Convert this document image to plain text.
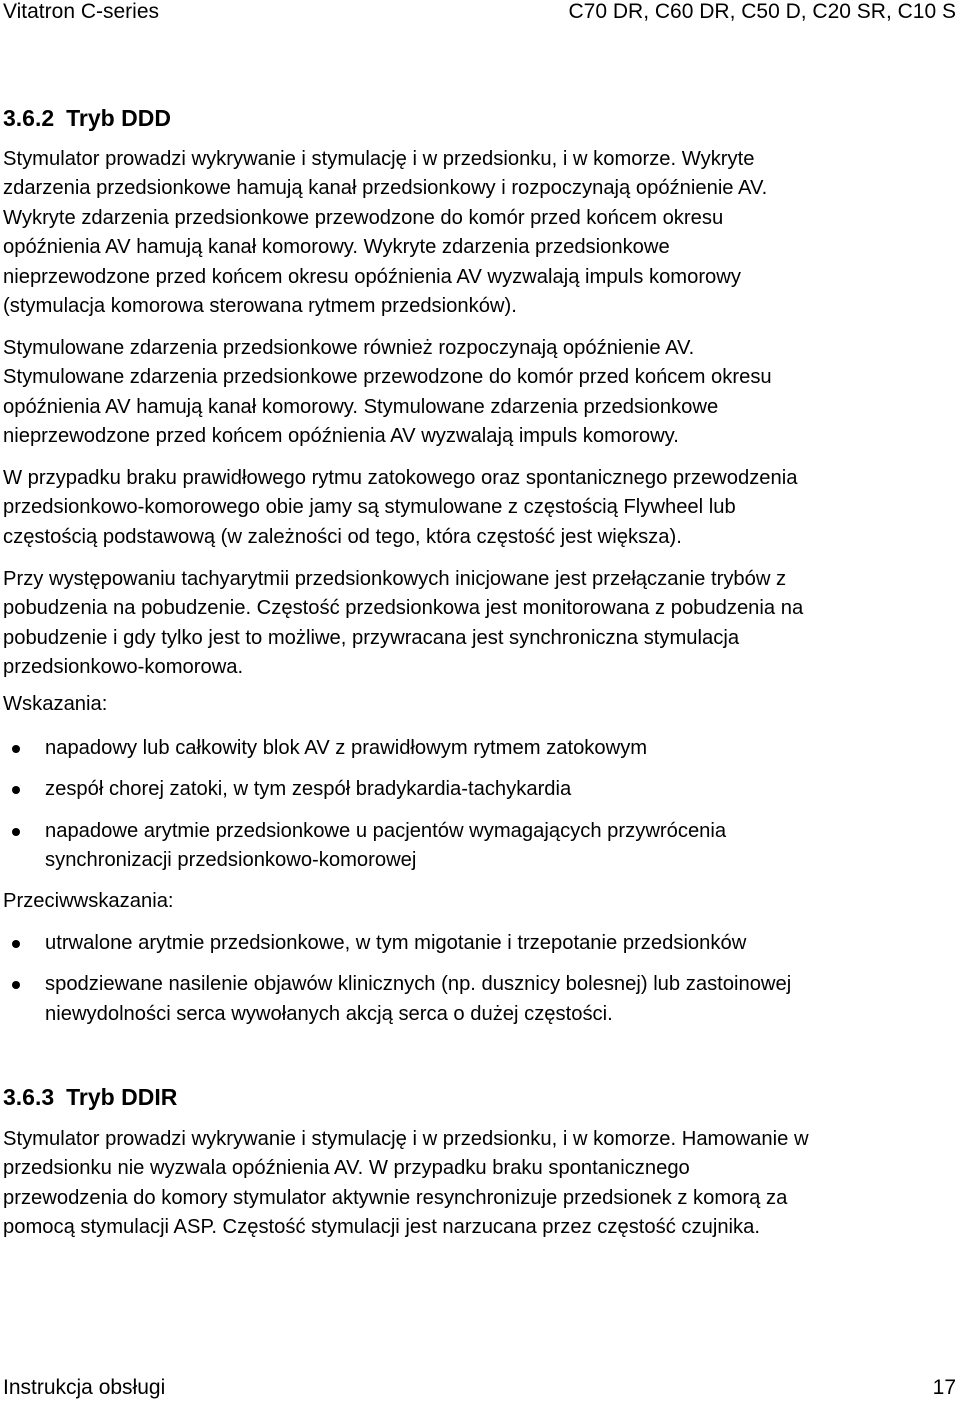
Vitatron C-series	C70 DR, C60 DR, C50 D, C20 SR, C10 S
3.6.2 Tryb DDD

Stymulator prowadzi wykrywanie i stymulację i w przedsionku, i w komorze. Wykryte
zdarzenia przedsionkowe hamują kanał przedsionkowy i rozpoczynają opóźnienie AV.
Wykryte zdarzenia przedsionkowe przewodzone do komór przed końcem okresu
opóźnienia AV hamują kanał komorowy. Wykryte zdarzenia przedsionkowe
nieprzewodzone przed końcem okresu opóźnienia AV wyzwalają impuls komorowy
(stymulacja komorowa sterowana rytmem przedsionków).

Stymulowane zdarzenia przedsionkowe również rozpoczynają opóźnienie AV.
Stymulowane zdarzenia przedsionkowe przewodzone do komór przed końcem okresu
opóźnienia AV hamują kanał komorowy. Stymulowane zdarzenia przedsionkowe
nieprzewodzone przed końcem opóźnienia AV wyzwalają impuls komorowy.

W przypadku braku prawidłowego rytmu zatokowego oraz spontanicznego przewodzenia
przedsionkowo-komorowego obie jamy są stymulowane z częstością Flywheel lub
częstością podstawową (w zależności od tego, która częstość jest większa).

Przy występowaniu tachyarytmii przedsionkowych inicjowane jest przełączanie trybów z
pobudzenia na pobudzenie. Częstość przedsionkowa jest monitorowana z pobudzenia na
pobudzenie i gdy tylko jest to możliwe, przywracana jest synchroniczna stymulacja
przedsionkowo-komorowa.

Wskazania:

napadowy lub całkowity blok AV z prawidłowym rytmem zatokowym
zespół chorej zatoki, w tym zespół bradykardia-tachykardia
napadowe arytmie przedsionkowe u pacjentów wymagających przywrócenia
synchronizacji przedsionkowo-komorowej

Przeciwwskazania:

utrwalone arytmie przedsionkowe, w tym migotanie i trzepotanie przedsionków
spodziewane nasilenie objawów klinicznych (np. dusznicy bolesnej) lub zastoinowej
niewydolności serca wywołanych akcją serca o dużej częstości.
3.6.3 Tryb DDIR

Stymulator prowadzi wykrywanie i stymulację i w przedsionku, i w komorze. Hamowanie w
przedsionku nie wyzwala opóźnienia AV. W przypadku braku spontanicznego
przewodzenia do komory stymulator aktywnie resynchronizuje przedsionek z komorą za
pomocą stymulacji ASP. Częstość stymulacji jest narzucana przez częstość czujnika.

Instrukcja obsługi	17
